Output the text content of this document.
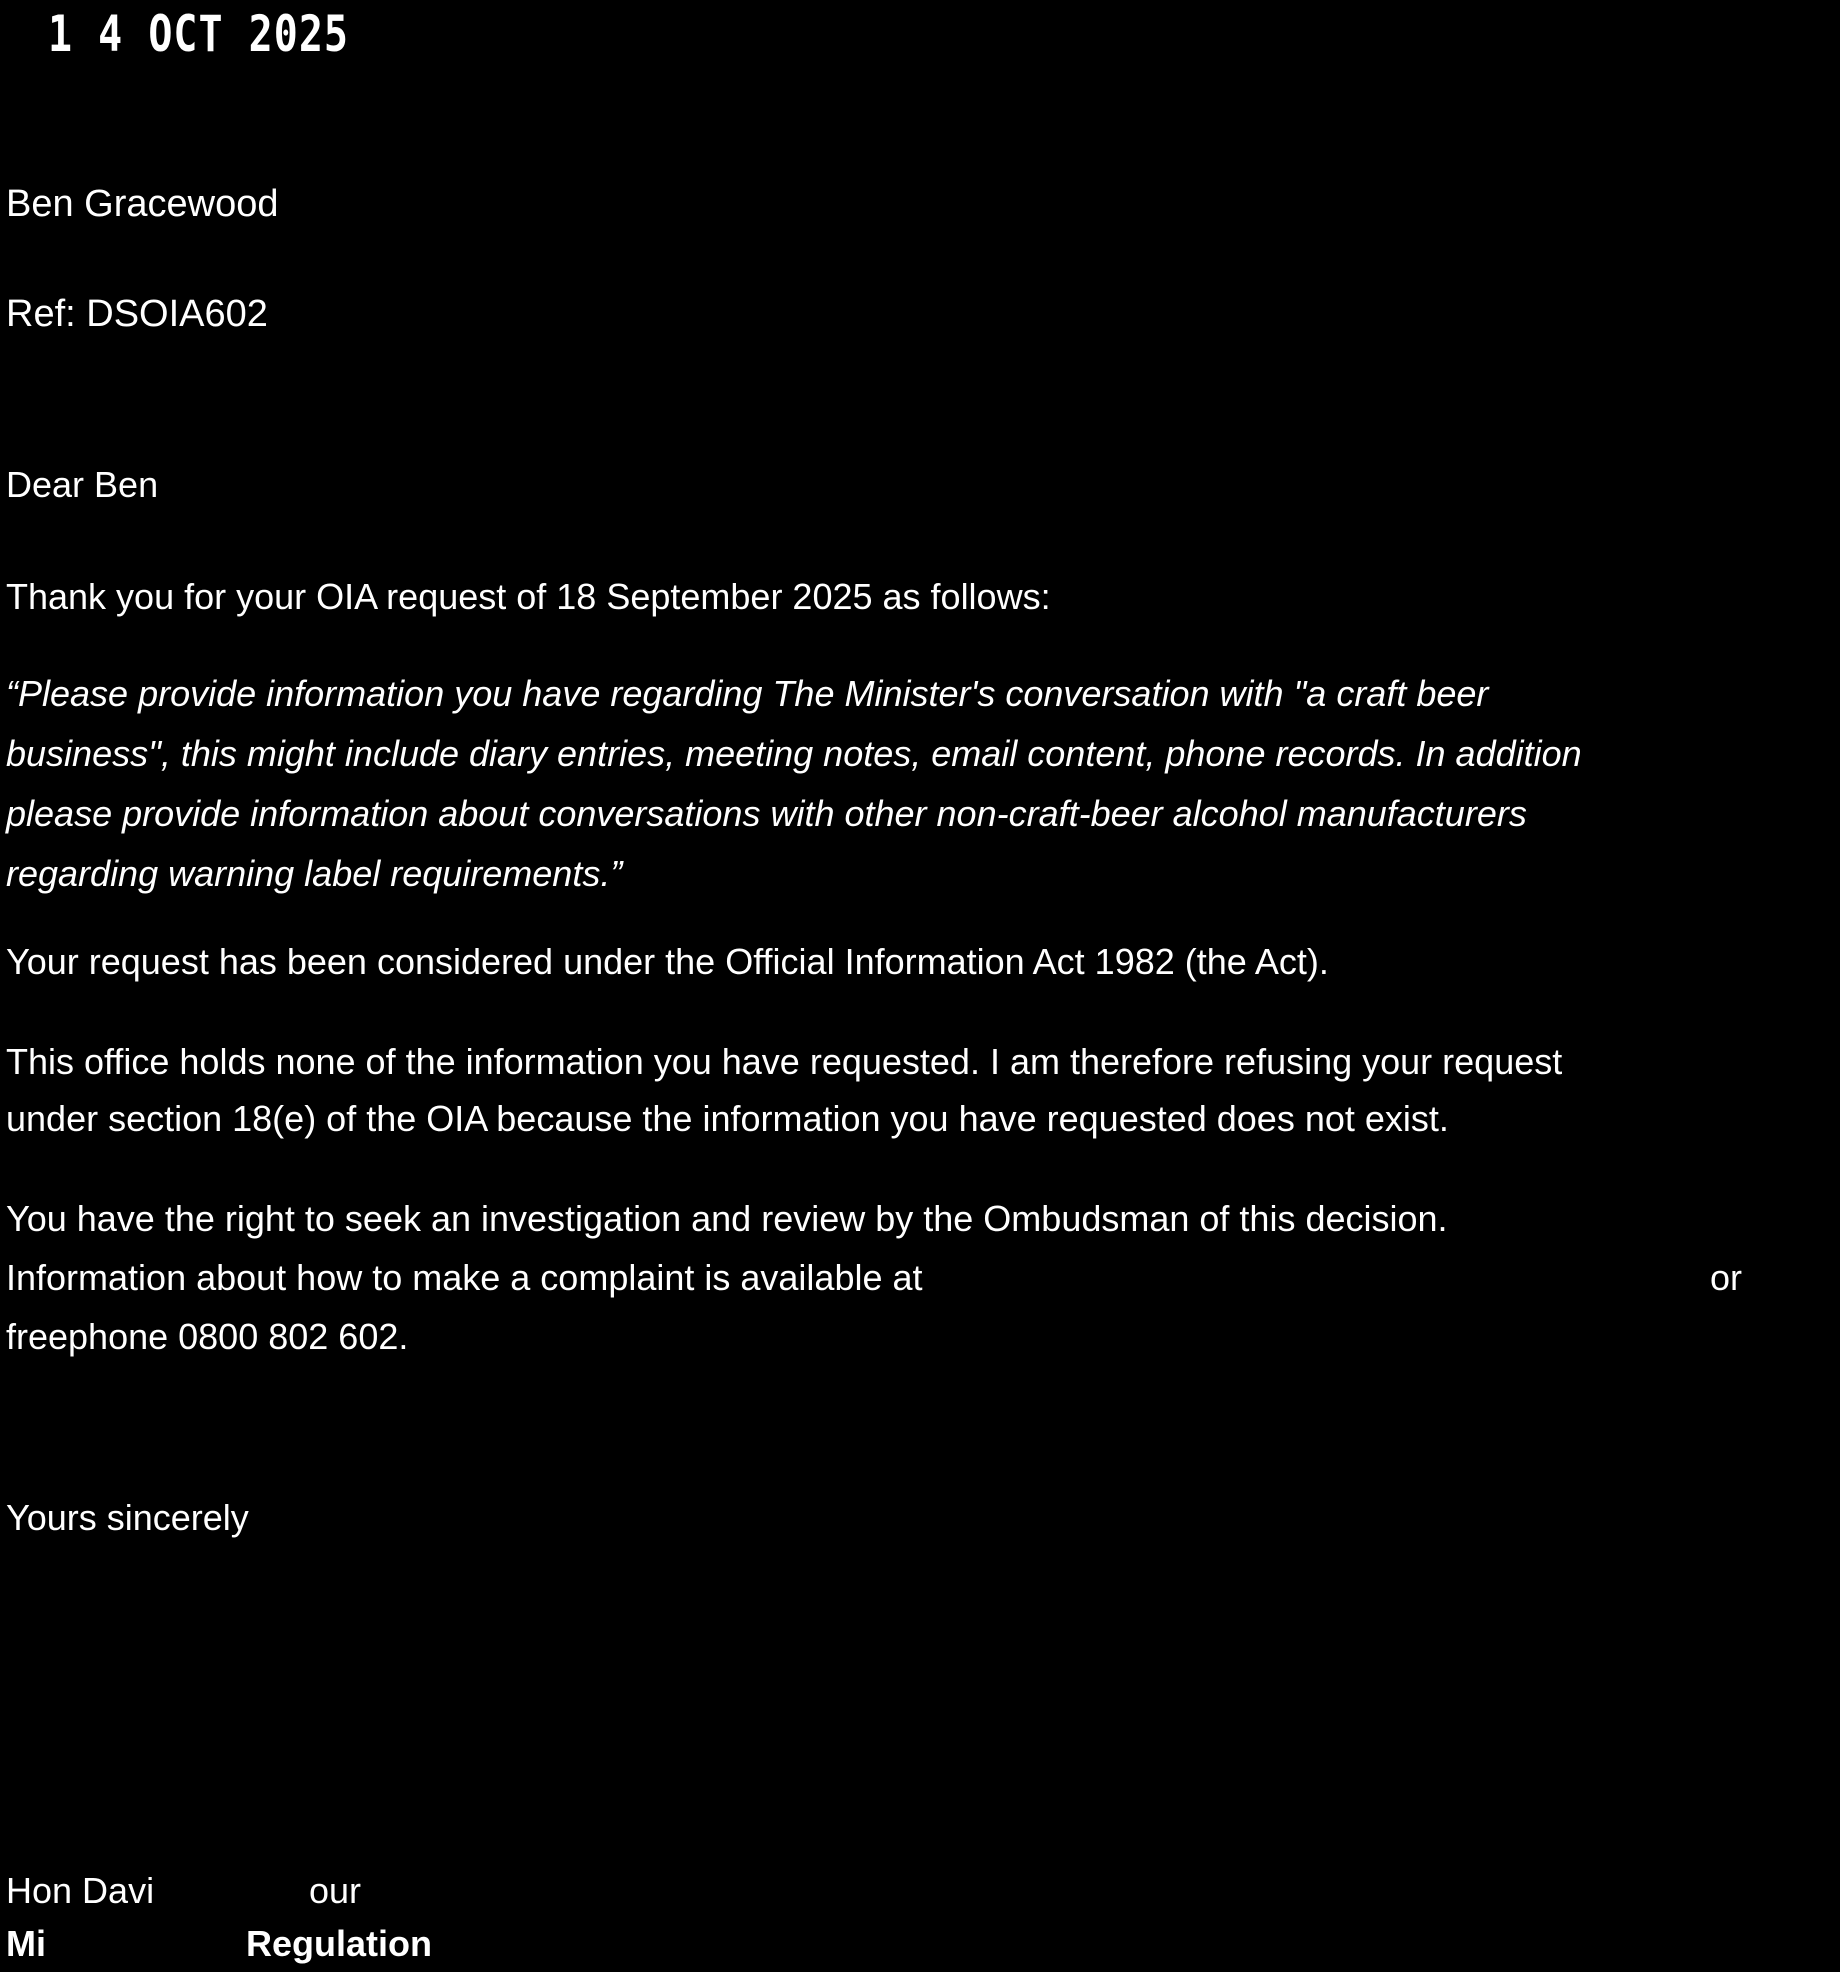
1 4 OCT 2025
Ben Gracewood
Ref: DSOIA602
Dear Ben
Thank you for your OIA request of 18 September 2025 as follows:
“Please provide information you have regarding The Minister's conversation with "a craft beer
business", this might include diary entries, meeting notes, email content, phone records. In addition
please provide information about conversations with other non-craft-beer alcohol manufacturers
regarding warning label requirements.”
Your request has been considered under the Official Information Act 1982 (the Act).
This office holds none of the information you have requested. I am therefore refusing your request
under section 18(e) of the OIA because the information you have requested does not exist.
You have the right to seek an investigation and review by the Ombudsman of this decision.
Information about how to make a complaint is available at	or
freephone 0800 802 602.
Yours sincerely
Hon Davi	our
Mi	Regulation
